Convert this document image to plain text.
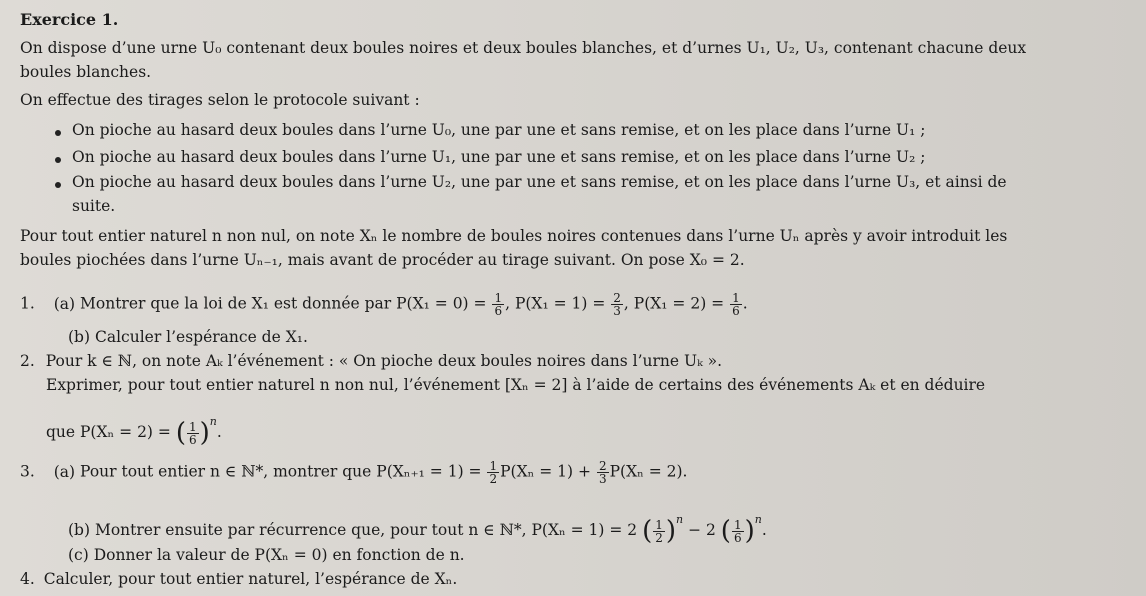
Exercice 1.
On dispose d’une urne U₀ contenant deux boules noires et deux boules blanches, et d’urnes U₁, U₂, U₃, contenant chacune deux
boules blanches.
On effectue des tirages selon le protocole suivant :
On pioche au hasard deux boules dans l’urne U₀, une par une et sans remise, et on les place dans l’urne U₁ ;
On pioche au hasard deux boules dans l’urne U₁, une par une et sans remise, et on les place dans l’urne U₂ ;
On pioche au hasard deux boules dans l’urne U₂, une par une et sans remise, et on les place dans l’urne U₃, et ainsi de
suite.
Pour tout entier naturel n non nul, on note Xₙ le nombre de boules noires contenues dans l’urne Uₙ après y avoir introduit les
boules piochées dans l’urne Uₙ₋₁, mais avant de procéder au tirage suivant. On pose X₀ = 2.
1. (a) Montrer que la loi de X₁ est donnée par $P(X_1 = 0) = \frac{1}{6}$ , $P(X_1 = 1) = \frac{2}{3}$ , $P(X_1 = 2) = \frac{1}{6}$ .
(b) Calculer l’espérance de X₁.
2. Pour k ∈ ℕ, on note Aₖ l’événement : « On pioche deux boules noires dans l’urne Uₖ ».
Exprimer, pour tout entier naturel n non nul, l’événement [Xₙ = 2] à l’aide de certains des événements Aₖ et en déduire
que P(Xₙ = 2) = ( $\frac{1}{6} )^n$.
3. (a) Pour tout entier n ∈ ℕ*, montrer que $P(X_{n+1} = 1) = \frac{1}{2} P(X_n = 1) + \frac{2}{3} P(X_n = 2)$.
(b) Montrer ensuite par récurrence que, pour tout n ∈ ℕ*, P(Xₙ = 1) = 2 ( $\frac{1}{2} )^n - 2$ ( $\frac{1}{6} )^n$.
(c) Donner la valeur de P(Xₙ = 0) en fonction de n.
4. Calculer, pour tout entier naturel, l’espérance de Xₙ.
